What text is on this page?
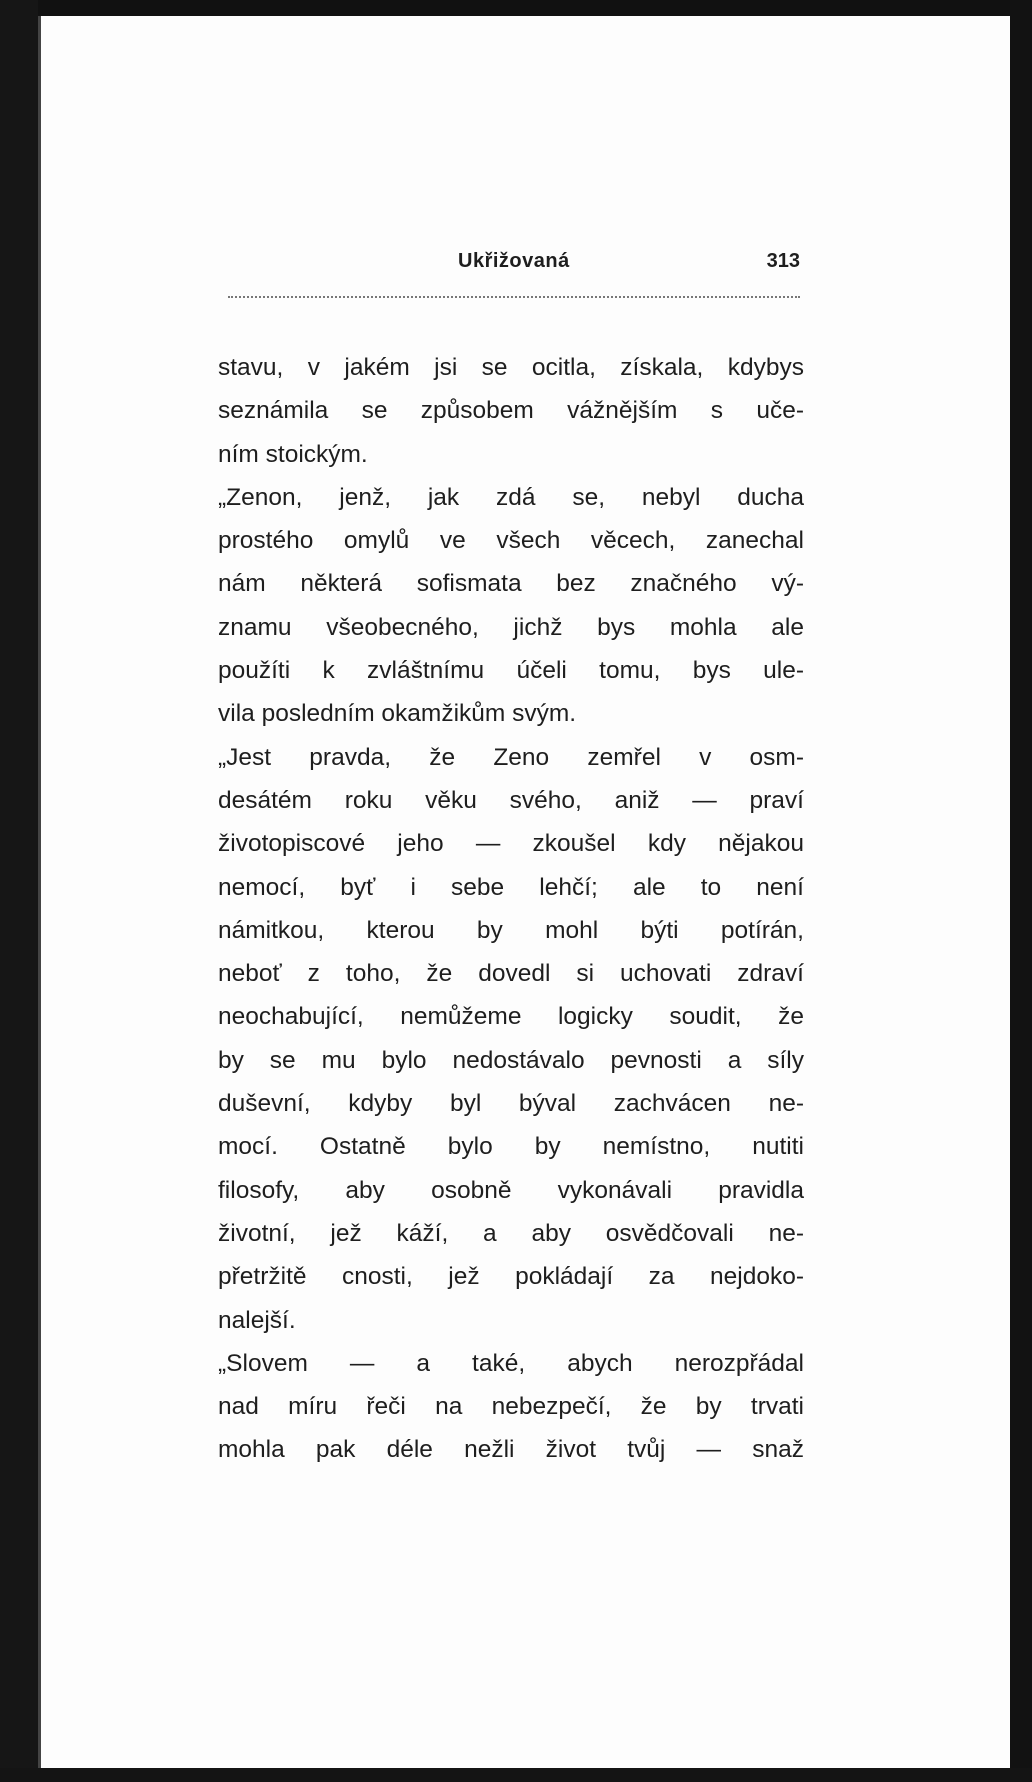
Ukřižovaná	313
stavu, v jakém jsi se ocitla, získala, kdybys
seznámila se způsobem vážnějším s uče-
ním stoickým.
„Zenon, jenž, jak zdá se, nebyl ducha
prostého omylů ve všech věcech, zanechal
nám některá sofismata bez značného vý-
znamu všeobecného, jichž bys mohla ale
použíti k zvláštnímu účeli tomu, bys ule-
vila posledním okamžikům svým.
„Jest pravda, že Zeno zemřel v osm-
desátém roku věku svého, aniž — praví
životopiscové jeho — zkoušel kdy nějakou
nemocí, byť i sebe lehčí; ale to není
námitkou, kterou by mohl býti potírán,
neboť z toho, že dovedl si uchovati zdraví
neochabující, nemůžeme logicky soudit, že
by se mu bylo nedostávalo pevnosti a síly
duševní, kdyby byl býval zachvácen ne-
mocí. Ostatně bylo by nemístno, nutiti
filosofy, aby osobně vykonávali pravidla
životní, jež káží, a aby osvědčovali ne-
přetržitě cnosti, jež pokládají za nejdoko-
nalejší.
„Slovem — a také, abych nerozpřádal
nad míru řeči na nebezpečí, že by trvati
mohla pak déle nežli život tvůj — snaž
